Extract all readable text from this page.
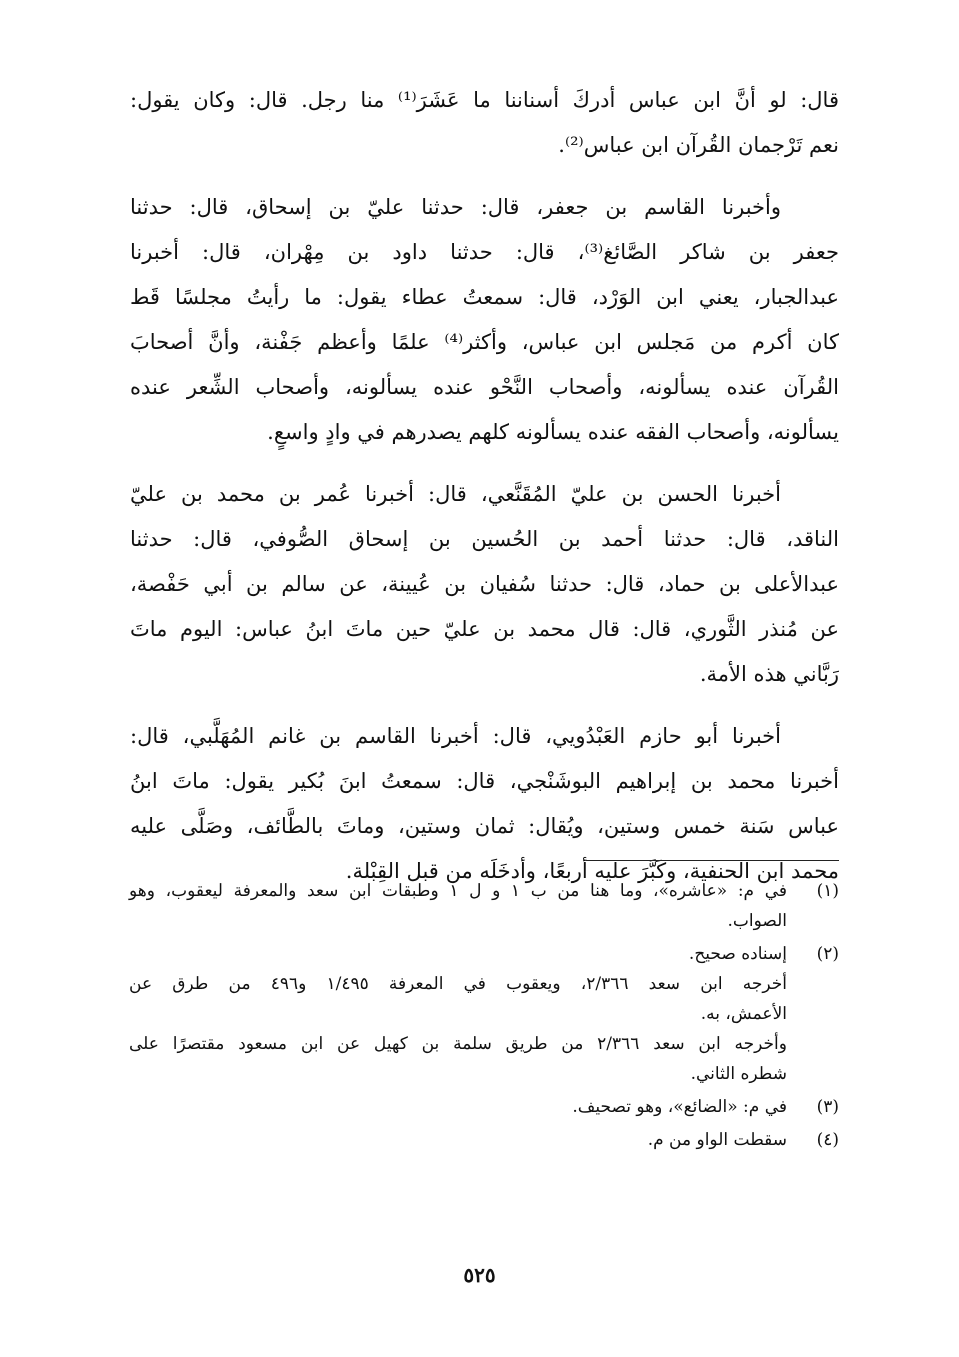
قال: لو أنَّ ابن عباس أدركَ أسناننا ما عَشَرَ⁽¹⁾ منا رجل. قال: وكان يقول:
نعم تَرْجمان القُرآن ابن عباس⁽²⁾.
وأخبرنا القاسم بن جعفر، قال: حدثنا عليّ بن إسحاق، قال: حدثنا
جعفر بن شاكر الصَّائغ⁽³⁾، قال: حدثنا داود بن مِهْران، قال: أخبرنا
عبدالجبار، يعني ابن الوَرْد، قال: سمعتُ عطاء يقول: ما رأيتُ مجلسًا قَط
كان أكرم من مَجلس ابن عباس، وأكثر⁽⁴⁾ علمًا وأعظم جَفْنة، وأنَّ أصحابَ
القُرآن عنده يسألونه، وأصحاب النَّحْو عنده يسألونه، وأصحاب الشِّعر عنده
يسألونه، وأصحاب الفقه عنده يسألونه كلهم يصدرهم في وادٍ واسعٍ.
أخبرنا الحسن بن عليّ المُقَنَّعي، قال: أخبرنا عُمر بن محمد بن عليّ
الناقد، قال: حدثنا أحمد بن الحُسين بن إسحاق الصُّوفي، قال: حدثنا
عبدالأعلى بن حماد، قال: حدثنا سُفيان بن عُيينة، عن سالم بن أبي حَفْصة،
عن مُنذر الثَّوري، قال: قال محمد بن عليّ حين ماتَ ابنُ عباس: اليوم ماتَ
رَبَّاني هذه الأمة.
أخبرنا أبو حازم العَبْدُويي، قال: أخبرنا القاسم بن غانم المُهَلَّبي، قال:
أخبرنا محمد بن إبراهيم البوشَنْجي، قال: سمعتُ ابنَ بُكير يقول: ماتَ ابنُ
عباس سَنة خمس وستين، ويُقال: ثمان وستين، وماتَ بالطَّائف، وصَلَّى عليه
محمد ابن الحنفية، وكَبَّرَ عليه أربعًا، وأدخَلَه من قبل القِبْلة.
(١)
في م: «عاشره»، وما هنا من ب ١ و ل ١ وطبقات ابن سعد والمعرفة ليعقوب، وهو
الصواب.
(٢)
إسناده صحيح.
أخرجه ابن سعد ٢/٣٦٦، ويعقوب في المعرفة ١/٤٩٥ و٤٩٦ من طرق عن
الأعمش، به.
وأخرجه ابن سعد ٢/٣٦٦ من طريق سلمة بن كهيل عن ابن مسعود مقتصرًا على
شطره الثاني.
(٣)
في م: «الضائع»، وهو تصحيف.
(٤)
سقطت الواو من م.
٥٢٥
